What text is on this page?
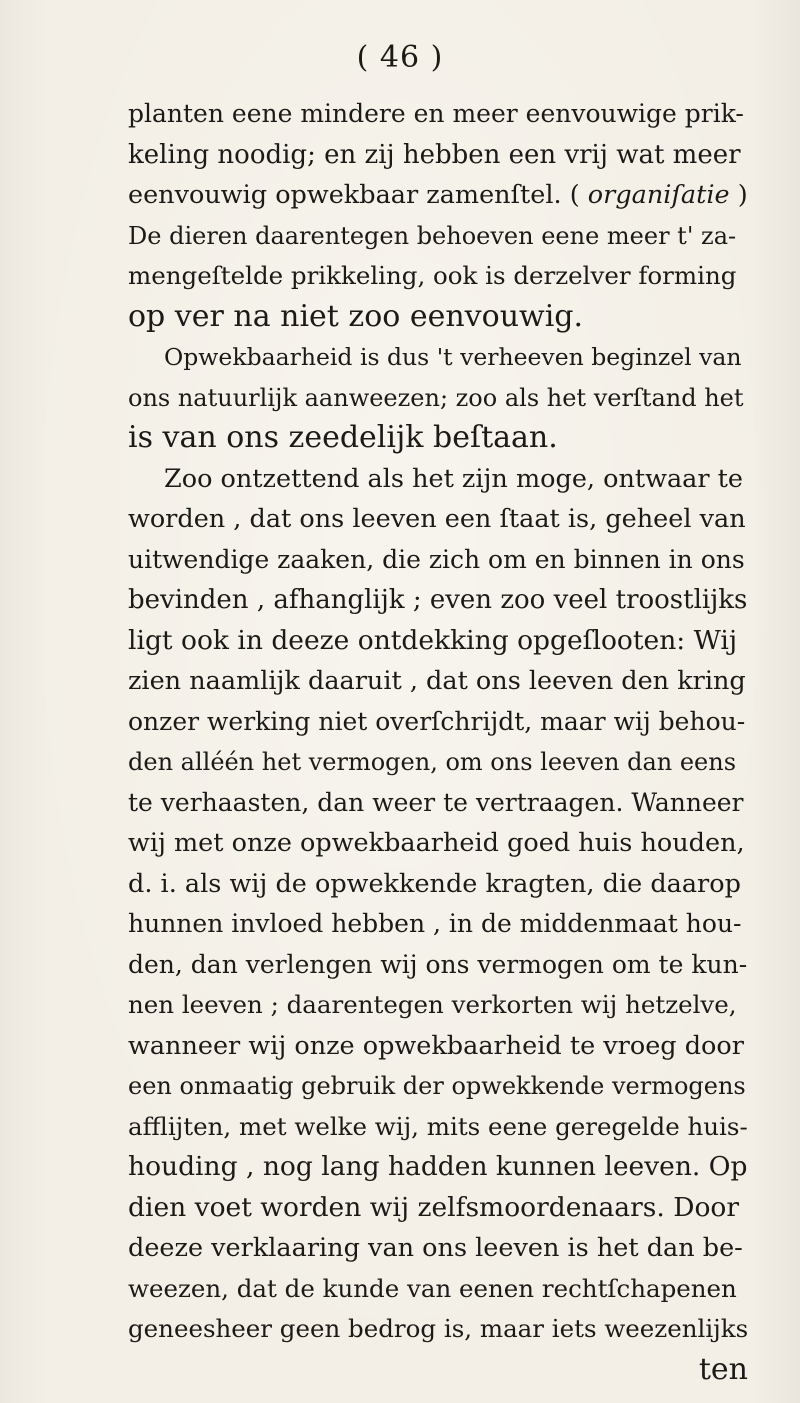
( 46 )
planten eene mindere en meer eenvouwige prik-
keling noodig; en zij hebben een vrij wat meer
eenvouwig opwekbaar zamenſtel. ( organiſatie )
De dieren daarentegen behoeven eene meer t' za-
mengeſtelde prikkeling, ook is derzelver forming
op ver na niet zoo eenvouwig.
Opwekbaarheid is dus 't verheeven beginzel van
ons natuurlijk aanweezen; zoo als het verſtand het
is van ons zeedelijk beſtaan.
Zoo ontzettend als het zijn moge, ontwaar te
worden , dat ons leeven een ſtaat is, geheel van
uitwendige zaaken, die zich om en binnen in ons
bevinden , afhanglijk ; even zoo veel troostlijks
ligt ook in deeze ontdekking opgeſlooten: Wij
zien naamlijk daaruit , dat ons leeven den kring
onzer werking niet overſchrijdt, maar wij behou-
den alléén het vermogen, om ons leeven dan eens
te verhaasten, dan weer te vertraagen. Wanneer
wij met onze opwekbaarheid goed huis houden,
d. i. als wij de opwekkende kragten, die daarop
hunnen invloed hebben , in de middenmaat hou-
den, dan verlengen wij ons vermogen om te kun-
nen leeven ; daarentegen verkorten wij hetzelve,
wanneer wij onze opwekbaarheid te vroeg door
een onmaatig gebruik der opwekkende vermogens
afflijten, met welke wij, mits eene geregelde huis-
houding , nog lang hadden kunnen leeven. Op
dien voet worden wij zelfsmoordenaars. Door
deeze verklaaring van ons leeven is het dan be-
weezen, dat de kunde van eenen rechtſchapenen
geneesheer geen bedrog is, maar iets weezenlijks
ten
